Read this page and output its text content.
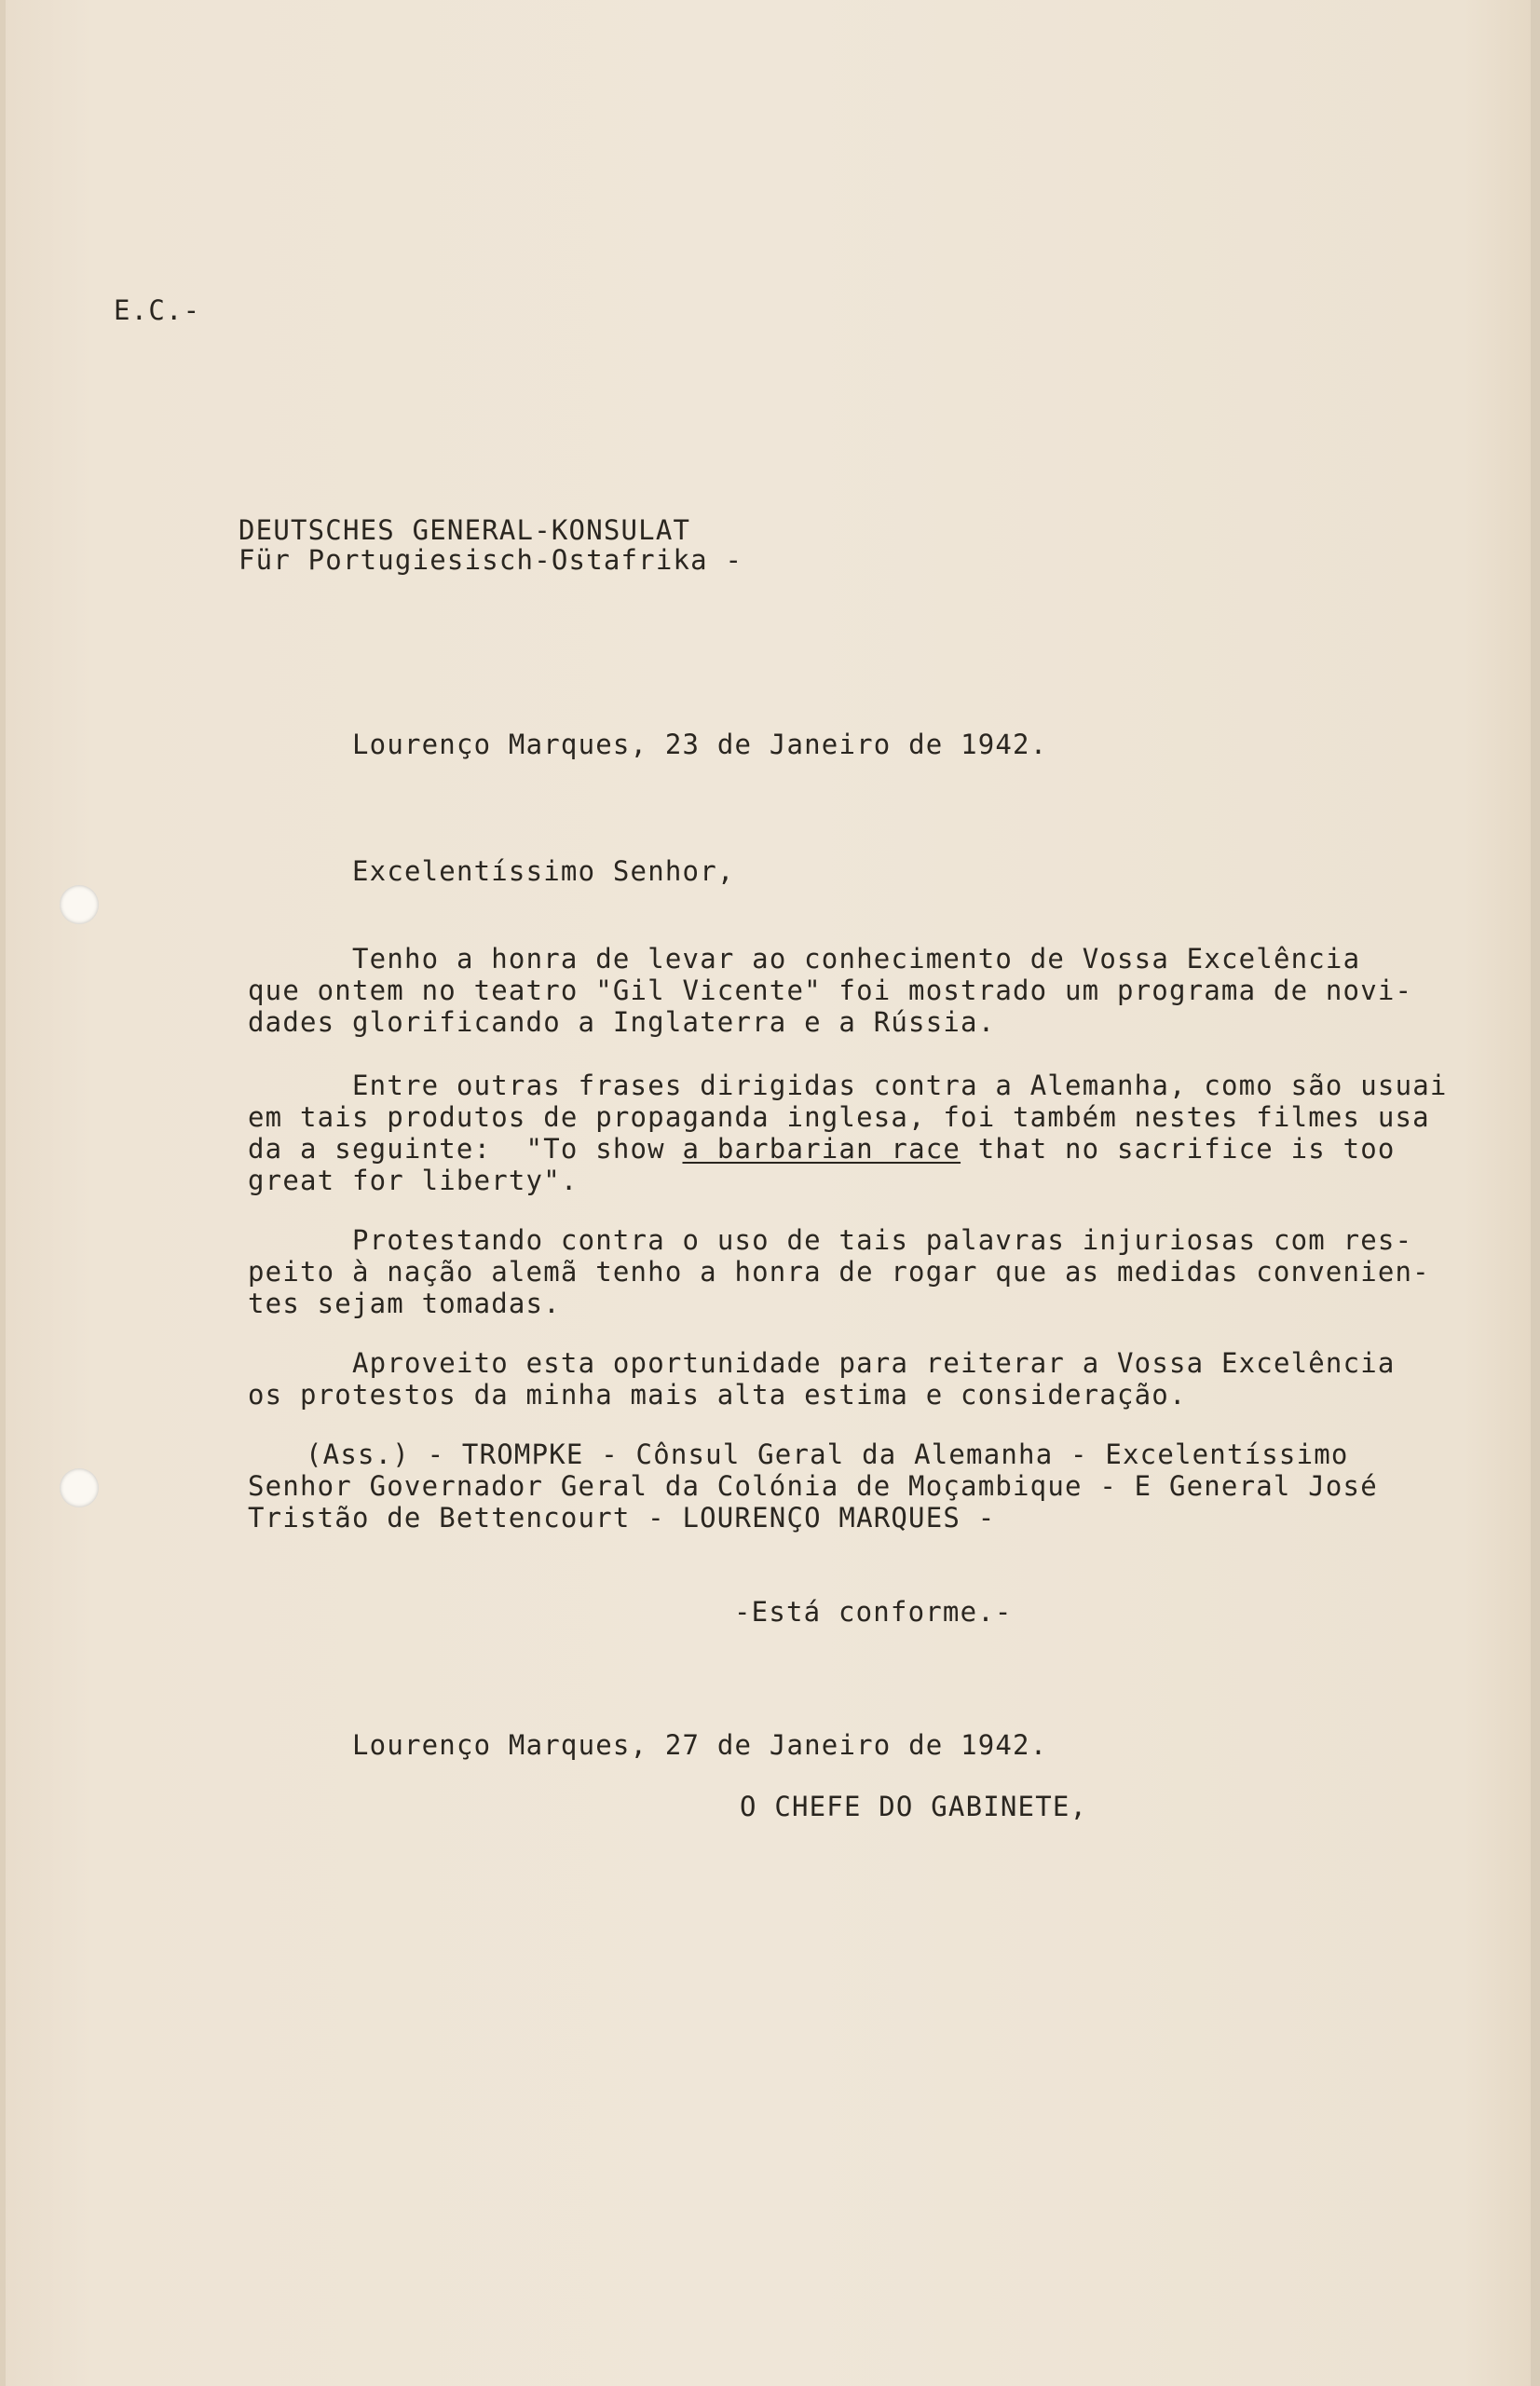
E.C.-
DEUTSCHES GENERAL-KONSULAT
Für Portugiesisch-Ostafrika -
Lourenço Marques, 23 de Janeiro de 1942.
Excelentíssimo Senhor,
Tenho a honra de levar ao conhecimento de Vossa Excelência
que ontem no teatro "Gil Vicente" foi mostrado um programa de novi-
dades glorificando a Inglaterra e a Rússia.
Entre outras frases dirigidas contra a Alemanha, como são usuai
em tais produtos de propaganda inglesa, foi também nestes filmes usa
da a seguinte:  "To show a barbarian race that no sacrifice is too
great for liberty".
Protestando contra o uso de tais palavras injuriosas com res-
peito à nação alemã tenho a honra de rogar que as medidas convenien-
tes sejam tomadas.
Aproveito esta oportunidade para reiterar a Vossa Excelência
os protestos da minha mais alta estima e consideração.
(Ass.) - TROMPKE - Cônsul Geral da Alemanha - Excelentíssimo
Senhor Governador Geral da Colónia de Moçambique - E General José
Tristão de Bettencourt - LOURENÇO MARQUES -
-Está conforme.-
Lourenço Marques, 27 de Janeiro de 1942.
O CHEFE DO GABINETE,
